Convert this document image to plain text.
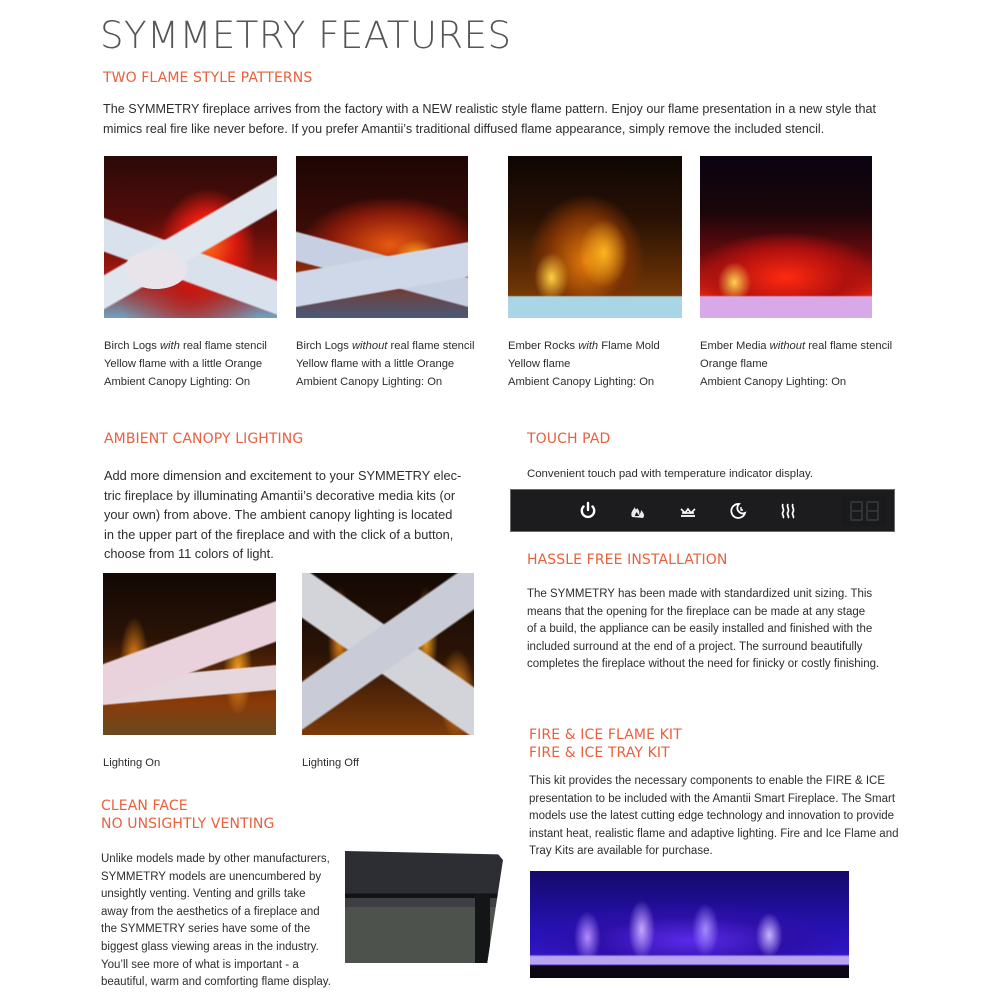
SYMMETRY FEATURES
TWO FLAME STYLE PATTERNS
The SYMMETRY fireplace arrives from the factory with a NEW realistic style flame pattern. Enjoy our flame presentation in a new style that
mimics real fire like never before. If you prefer Amantii’s traditional diffused flame appearance, simply remove the included stencil.
Birch Logs with real flame stencil
Yellow flame with a little Orange
Ambient Canopy Lighting: On
Birch Logs without real flame stencil
Yellow flame with a little Orange
Ambient Canopy Lighting: On
Ember Rocks with Flame Mold
Yellow flame
Ambient Canopy Lighting: On
Ember Media without real flame stencil
Orange flame
Ambient Canopy Lighting: On
AMBIENT CANOPY LIGHTING
Add more dimension and excitement to your SYMMETRY elec-
tric fireplace by illuminating Amantii’s decorative media kits (or
your own) from above. The ambient canopy lighting is located
in the upper part of the fireplace and with the click of a button,
choose from 11 colors of light.
Lighting On	Lighting Off
TOUCH PAD
Convenient touch pad with temperature indicator display.
HASSLE FREE INSTALLATION
The SYMMETRY has been made with standardized unit sizing. This
means that the opening for the fireplace can be made at any stage
of a build, the appliance can be easily installed and finished with the
included surround at the end of a project. The surround beautifully
completes the fireplace without the need for finicky or costly finishing.
FIRE & ICE FLAME KIT
FIRE & ICE TRAY KIT
This kit provides the necessary components to enable the FIRE & ICE
presentation to be included with the Amantii Smart Fireplace. The Smart
models use the latest cutting edge technology and innovation to provide
instant heat, realistic flame and adaptive lighting. Fire and Ice Flame and
Tray Kits are available for purchase.
CLEAN FACE
NO UNSIGHTLY VENTING
Unlike models made by other manufacturers,
SYMMETRY models are unencumbered by
unsightly venting. Venting and grills take
away from the aesthetics of a fireplace and
the SYMMETRY series have some of the
biggest glass viewing areas in the industry.
You’ll see more of what is important - a
beautiful, warm and comforting flame display.
